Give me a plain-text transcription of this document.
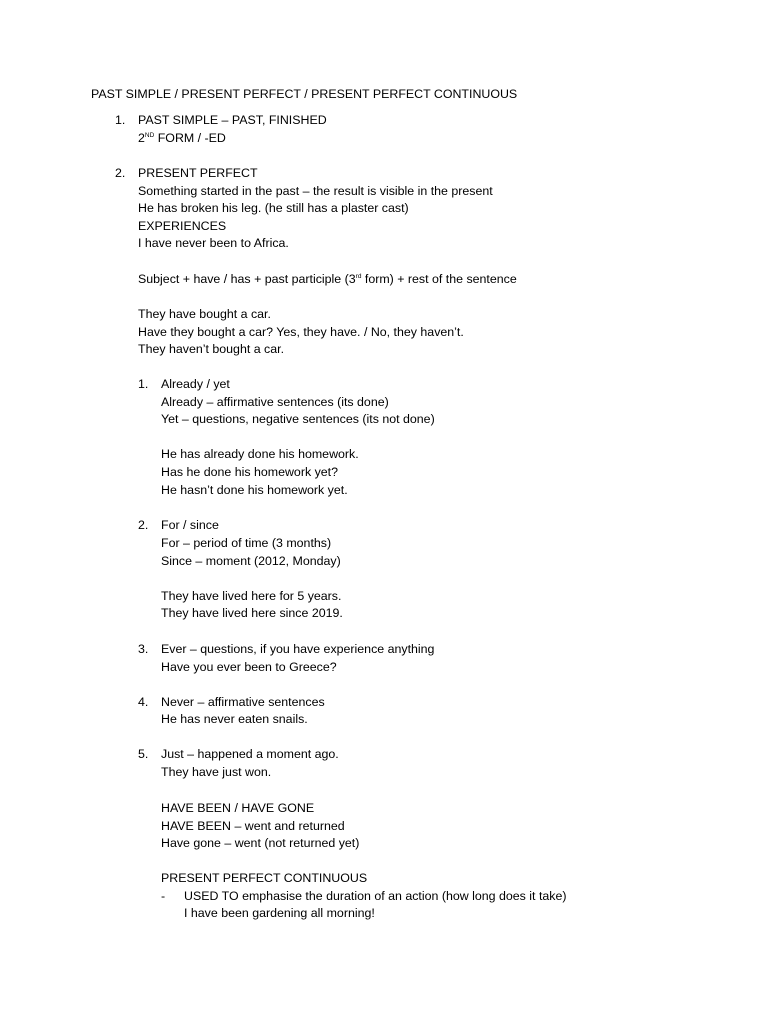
PAST SIMPLE / PRESENT PERFECT / PRESENT PERFECT CONTINUOUS
1. PAST SIMPLE – PAST, FINISHED
2ND FORM / -ED
2. PRESENT PERFECT
Something started in the past – the result is visible in the present
He has broken his leg. (he still has a plaster cast)
EXPERIENCES
I have never been to Africa.
Subject + have / has + past participle (3rd form) + rest of the sentence
They have bought a car.
Have they bought a car? Yes, they have. / No, they haven’t.
They haven’t bought a car.
1. Already / yet
Already – affirmative sentences (its done)
Yet – questions, negative sentences (its not done)
He has already done his homework.
Has he done his homework yet?
He hasn’t done his homework yet.
2. For / since
For – period of time (3 months)
Since – moment (2012, Monday)
They have lived here for 5 years.
They have lived here since 2019.
3. Ever – questions, if you have experience anything
Have you ever been to Greece?
4. Never – affirmative sentences
He has never eaten snails.
5. Just – happened a moment ago.
They have just won.
HAVE BEEN / HAVE GONE
HAVE BEEN – went and returned
Have gone – went (not returned yet)
PRESENT PERFECT CONTINUOUS
- USED TO emphasise the duration of an action (how long does it take)
I have been gardening all morning!
